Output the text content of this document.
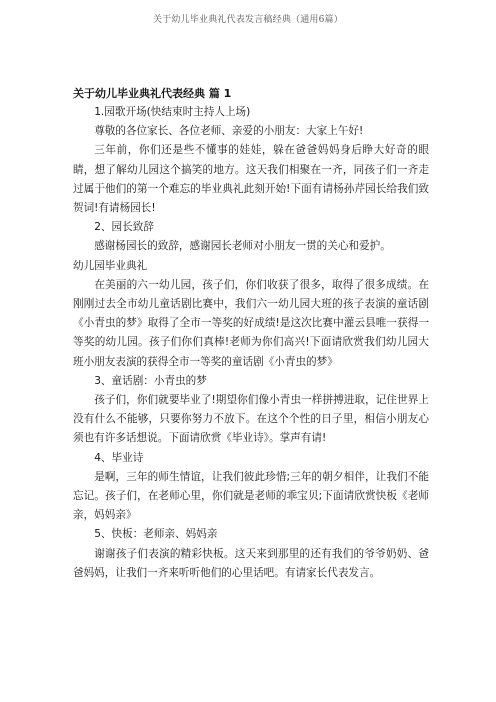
关于幼儿毕业典礼代表发言稿经典（通用6篇）

关于幼儿毕业典礼代表经典 篇 1

1.园歌开场(快结束时主持人上场)

尊敬的各位家长、各位老师、亲爱的小朋友：大家上午好!

三年前，你们还是些不懂事的娃娃，躲在爸爸妈妈身后睁大好奇的眼睛，想了解幼儿园这个搞笑的地方。这天我们相聚在一齐，同孩子们一齐走过属于他们的第一个难忘的毕业典礼此刻开始!下面有请杨孙芹园长给我们致贺词!有请杨园长!

2、园长致辞

感谢杨园长的致辞，感谢园长老师对小朋友一贯的关心和爱护。

幼儿园毕业典礼

在美丽的六一幼儿园，孩子们，你们收获了很多，取得了很多成绩。在刚刚过去全市幼儿童话剧比赛中，我们六一幼儿园大班的孩子表演的童话剧《小青虫的梦》取得了全市一等奖的好成绩!是这次比赛中灌云县唯一获得一等奖的幼儿园。孩子们你们真棒!老师为你们高兴!下面请欣赏我们幼儿园大班小朋友表演的获得全市一等奖的童话剧《小青虫的梦》

3、童话剧：小青虫的梦

孩子们，你们就要毕业了!期望你们像小青虫一样拼搏进取，记住世界上没有什么不能够，只要你努力不放下。在这个个性的日子里，相信小朋友心须也有许多话想说。下面请欣赏《毕业诗》。掌声有请!

4、毕业诗

是啊，三年的师生情谊，让我们彼此珍惜;三年的朝夕相伴，让我们不能忘记。孩子们，在老师心里，你们就是老师的乖宝贝;下面请欣赏快板《老师亲，妈妈亲》

5、快板：老师亲、妈妈亲

谢谢孩子们表演的精彩快板。这天来到那里的还有我们的爷爷奶奶、爸爸妈妈，让我们一齐来听听他们的心里话吧。有请家长代表发言。
